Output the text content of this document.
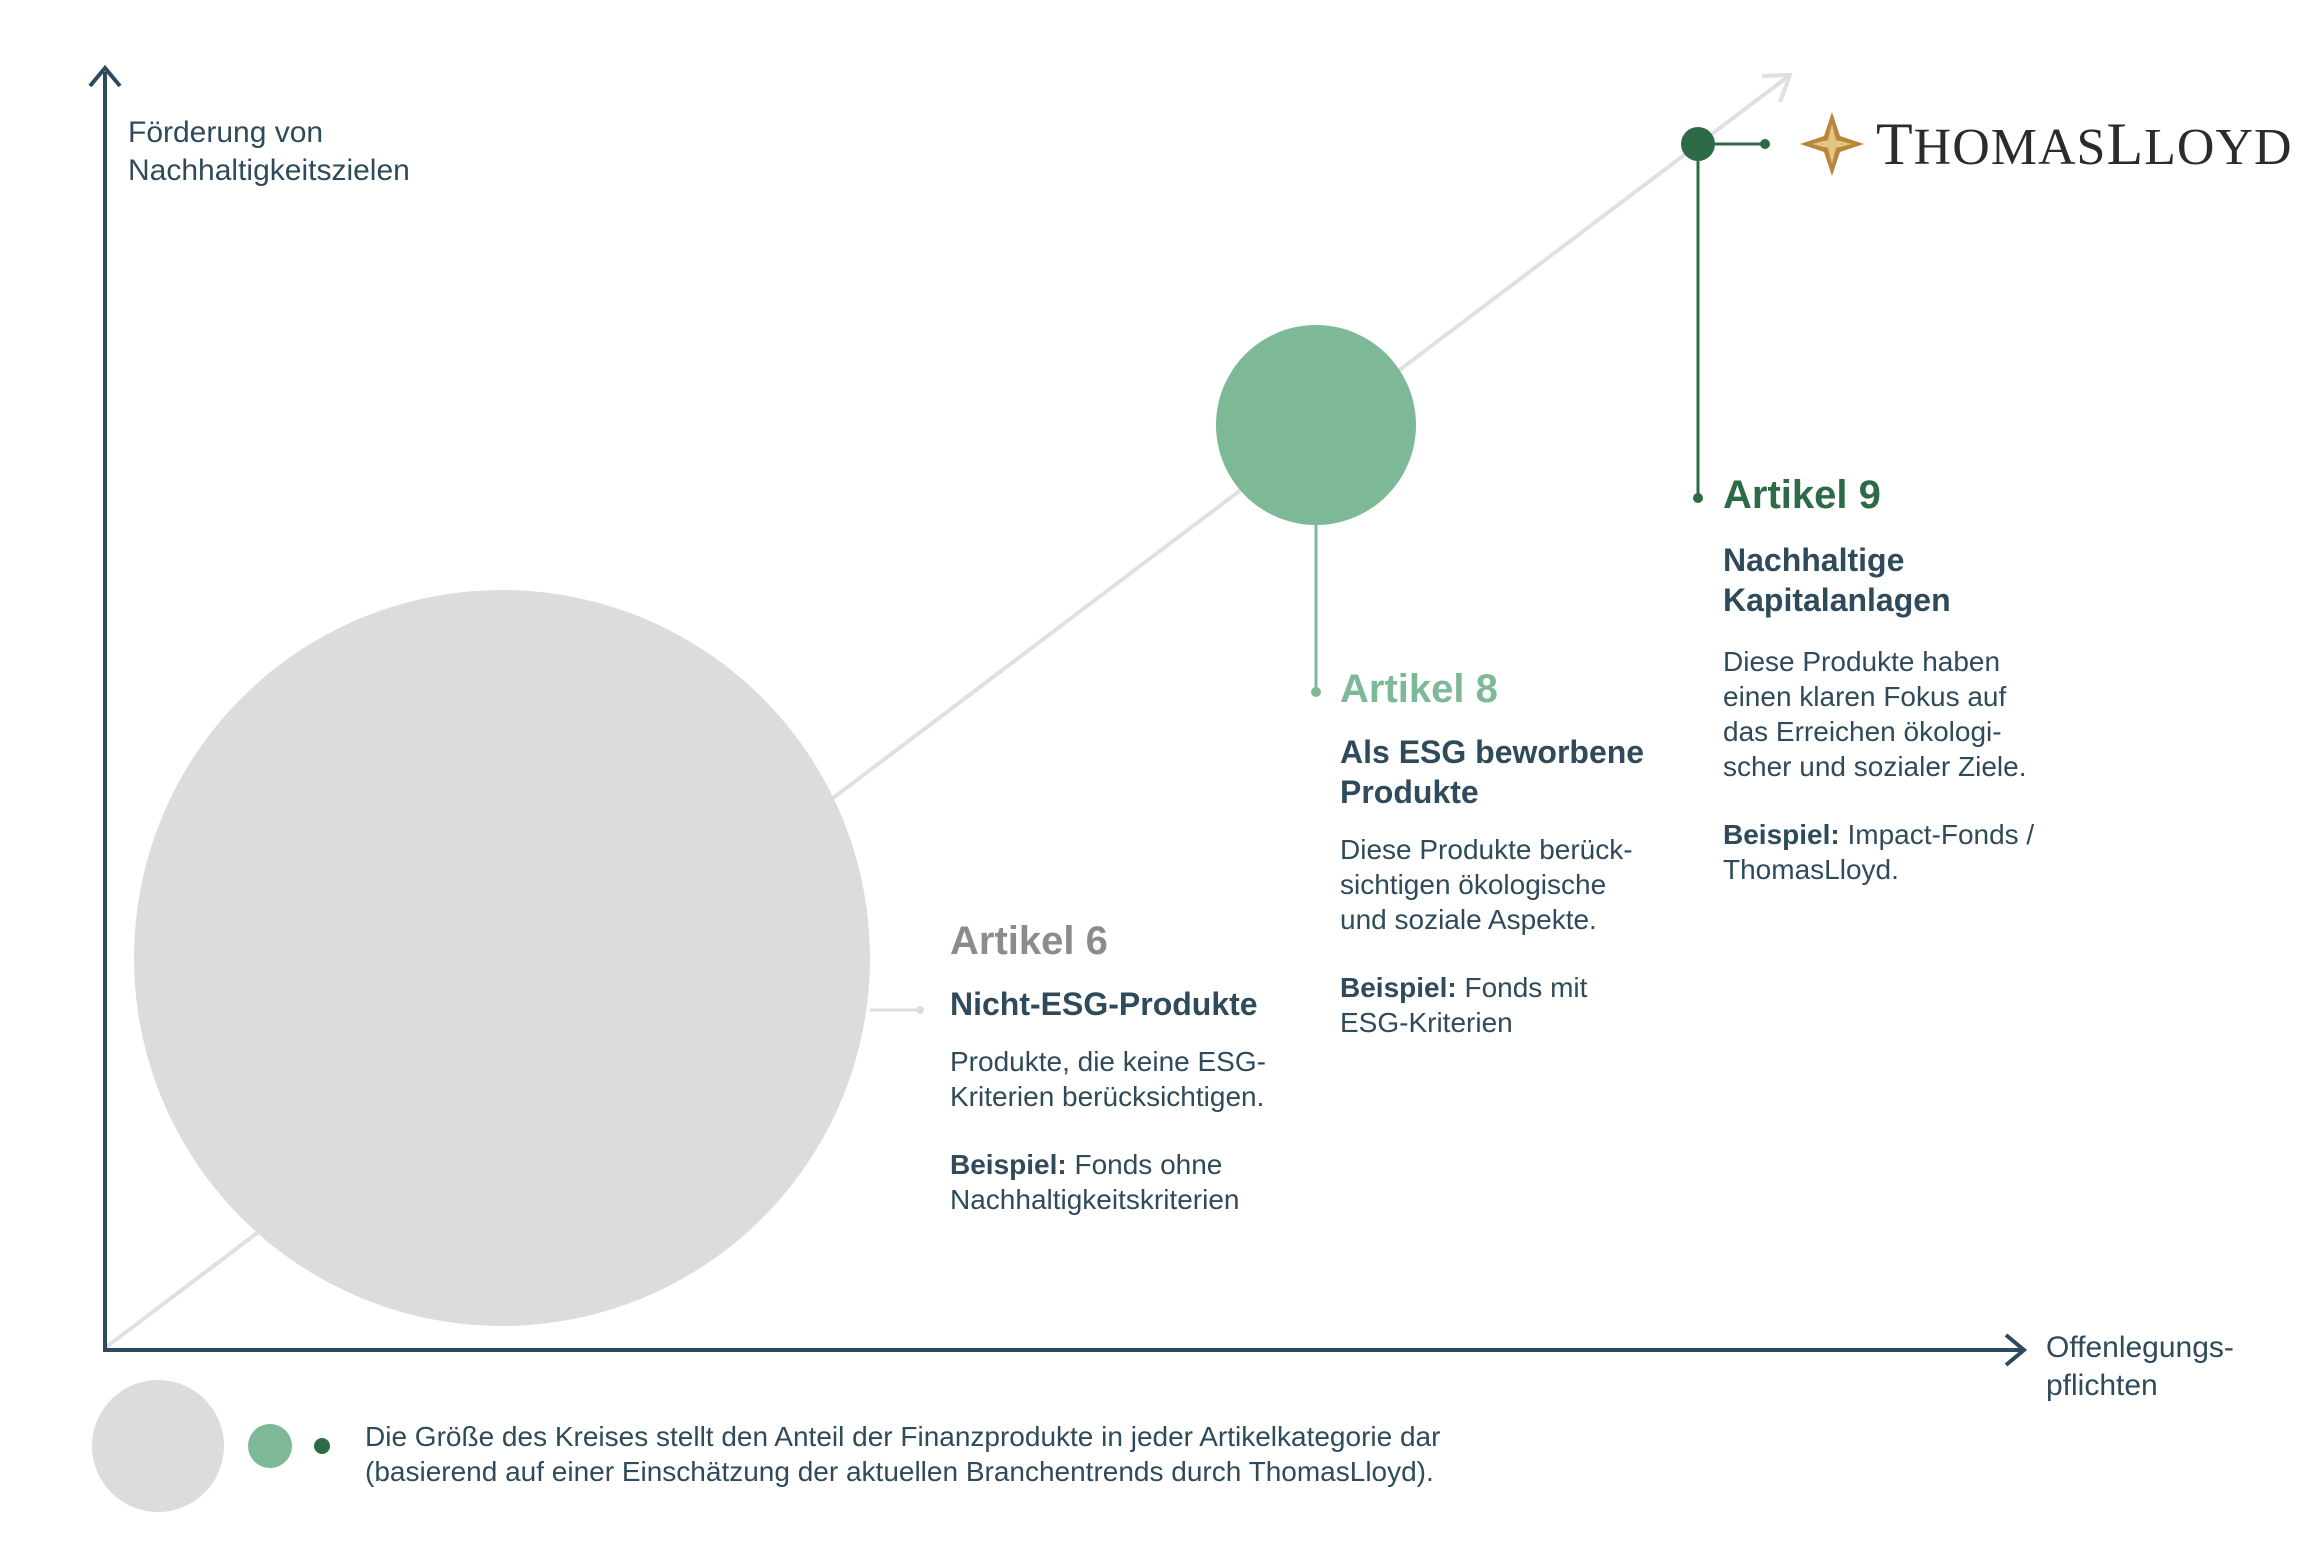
Förderung von
Nachhaltigkeitszielen
Offenlegungs-
pflichten
THOMASLLOYD
Artikel 6
Nicht-ESG-Produkte
Produkte, die keine ESG-Kriterien berücksichtigen.
Beispiel: Fonds ohne Nachhaltigkeitskriterien
Artikel 8
Als ESG beworbene Produkte
Diese Produkte berück-sichtigen ökologische und soziale Aspekte.
Beispiel: Fonds mit ESG-Kriterien
Artikel 9
Nachhaltige Kapitalanlagen
Diese Produkte haben einen klaren Fokus auf das Erreichen ökologi-scher und sozialer Ziele.
Beispiel: Impact-Fonds / ThomasLloyd.
Die Größe des Kreises stellt den Anteil der Finanzprodukte in jeder Artikelkategorie dar
(basierend auf einer Einschätzung der aktuellen Branchentrends durch ThomasLloyd).
